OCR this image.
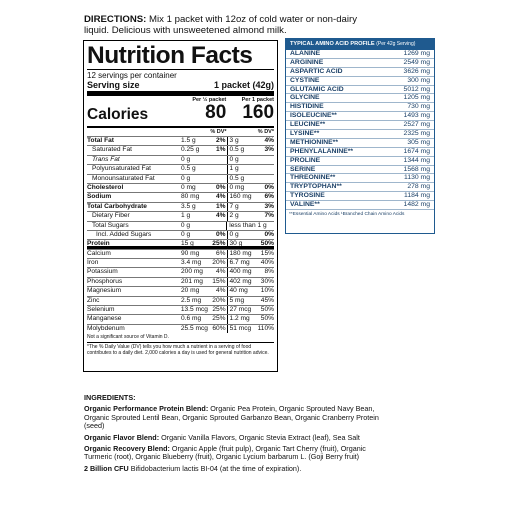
DIRECTIONS: Mix 1 packet with 12oz of cold water or non-dairy liquid. Delicious with unsweetened almond milk.
Nutrition Facts
12 servings per container
Serving size	1 packet (42g)
Calories
Per ½ packet
80
Per 1 packet
160
% DV*	% DV*
Total Fat	1.5 g	2% 3 g	4%
Saturated Fat	0.25 g	1% 0.5 g	3%
Trans Fat	0 g	0 g
Polyunsaturated Fat	0.5 g	1 g
Monounsaturated Fat	0 g	0.5 g
Cholesterol	0 mg	0% 0 mg	0%
Sodium	80 mg	4% 160 mg	6%
Total Carbohydrate	3.5 g	1% 7 g	3%
Dietary Fiber	1 g	4% 2 g	7%
Total Sugars	0 g	less than 1 g
Incl. Added Sugars	0 g	0% 0 g	0%
Protein	15 g	25% 30 g	50%
Calcium	90 mg	6% 180 mg	15%
Iron	3.4 mg	20% 6.7 mg	40%
Potassium	200 mg	4% 400 mg	8%
Phosphorus	201 mg	15% 402 mg	30%
Magnesium	20 mg	4% 40 mg	10%
Zinc	2.5 mg	20% 5 mg	45%
Selenium	13.5 mcg 25% 27 mcg	50%
Manganese	0.6 mg	25% 1.2 mg	50%
Molybdenum	25.5 mcg 60% 51 mcg 110%
Not a significant source of Vitamin D.
*The % Daily Value (DV) tells you how much a nutrient in a serving of food contributes to a daily diet. 2,000 calories a day is used for general nutrition advice.
TYPICAL AMINO ACID PROFILE (Per 42g Serving)
ALANINE	1269 mg
ARGININE	2549 mg
ASPARTIC ACID	3626 mg
CYSTINE	300 mg
GLUTAMIC ACID	5012 mg
GLYCINE	1205 mg
HISTIDINE	730 mg
ISOLEUCINE**	1493 mg
LEUCINE**	2527 mg
LYSINE**	2325 mg
METHIONINE**	305 mg
PHENYLALANINE**	1674 mg
PROLINE	1344 mg
SERINE	1568 mg
THREONINE**	1130 mg
TRYPTOPHAN**	278 mg
TYROSINE	1184 mg
VALINE**	1482 mg
**Essential Amino Acids ¹Branched Chain Amino Acids

INGREDIENTS:

Organic Performance Protein Blend: Organic Pea Protein, Organic Sprouted Navy Bean, Organic Sprouted Lentil Bean, Organic Sprouted Garbanzo Bean, Organic Cranberry Protein (seed)

Organic Flavor Blend: Organic Vanilla Flavors, Organic Stevia Extract (leaf), Sea Salt

Organic Recovery Blend: Organic Apple (fruit pulp), Organic Tart Cherry (fruit), Organic Turmeric (root), Organic Blueberry (fruit), Organic Lycium barbarum L. (Goji Berry fruit)

2 Billion CFU Bifidobacterium lactis BI-04 (at the time of expiration).
